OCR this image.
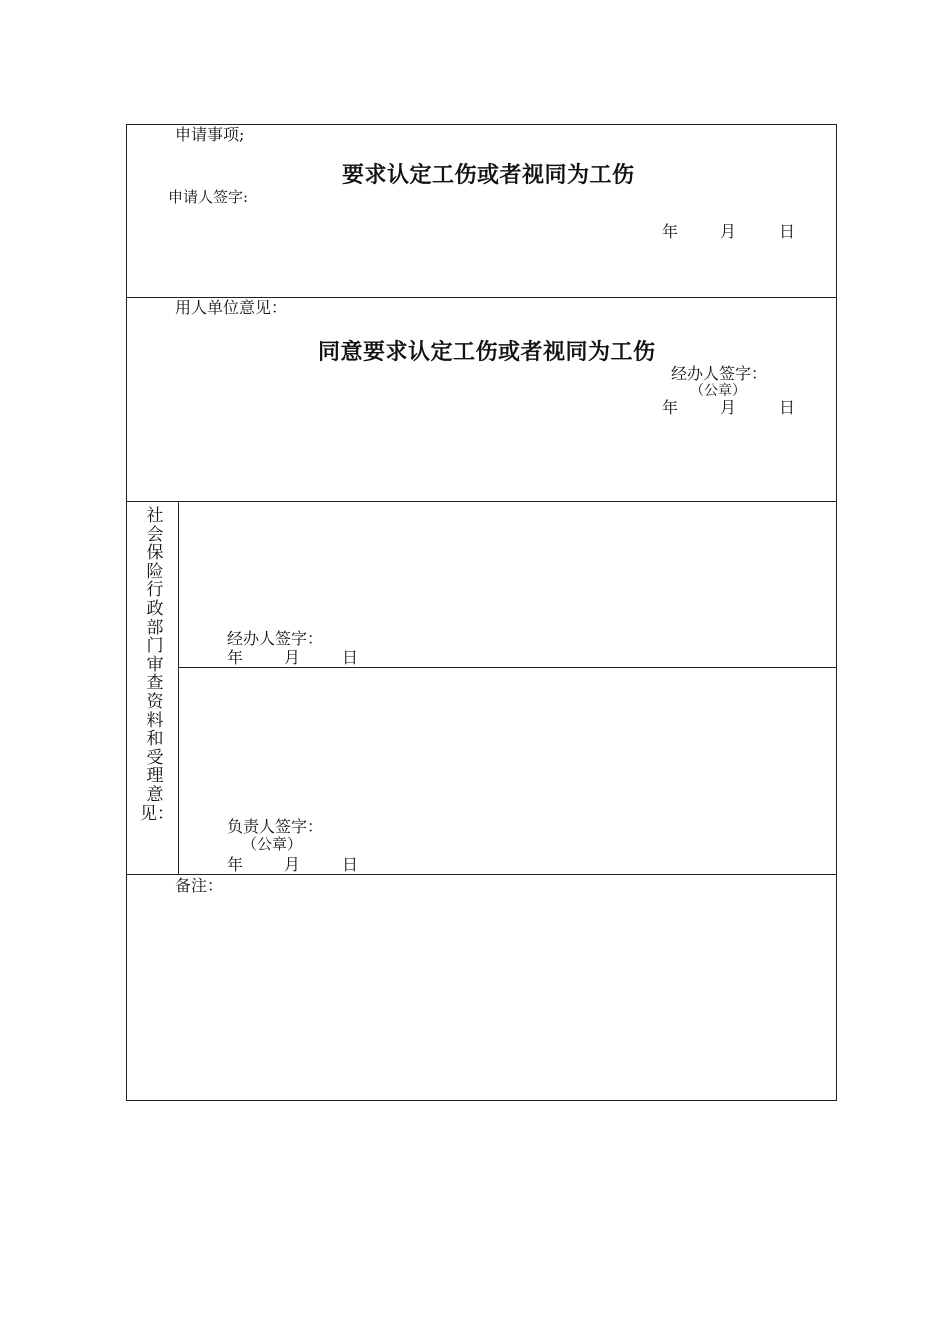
申请事项;
要求认定工伤或者视同为工伤
申请人签字:
年	月	日
用人单位意见：
同意要求认定工伤或者视同为工伤
经办人签字：
（公章）
年	月	日
社会保险行政部门审查资料和受理意见：
经办人签字：
年	月	日
负责人签字：
（公章）
年	月	日
备注：
